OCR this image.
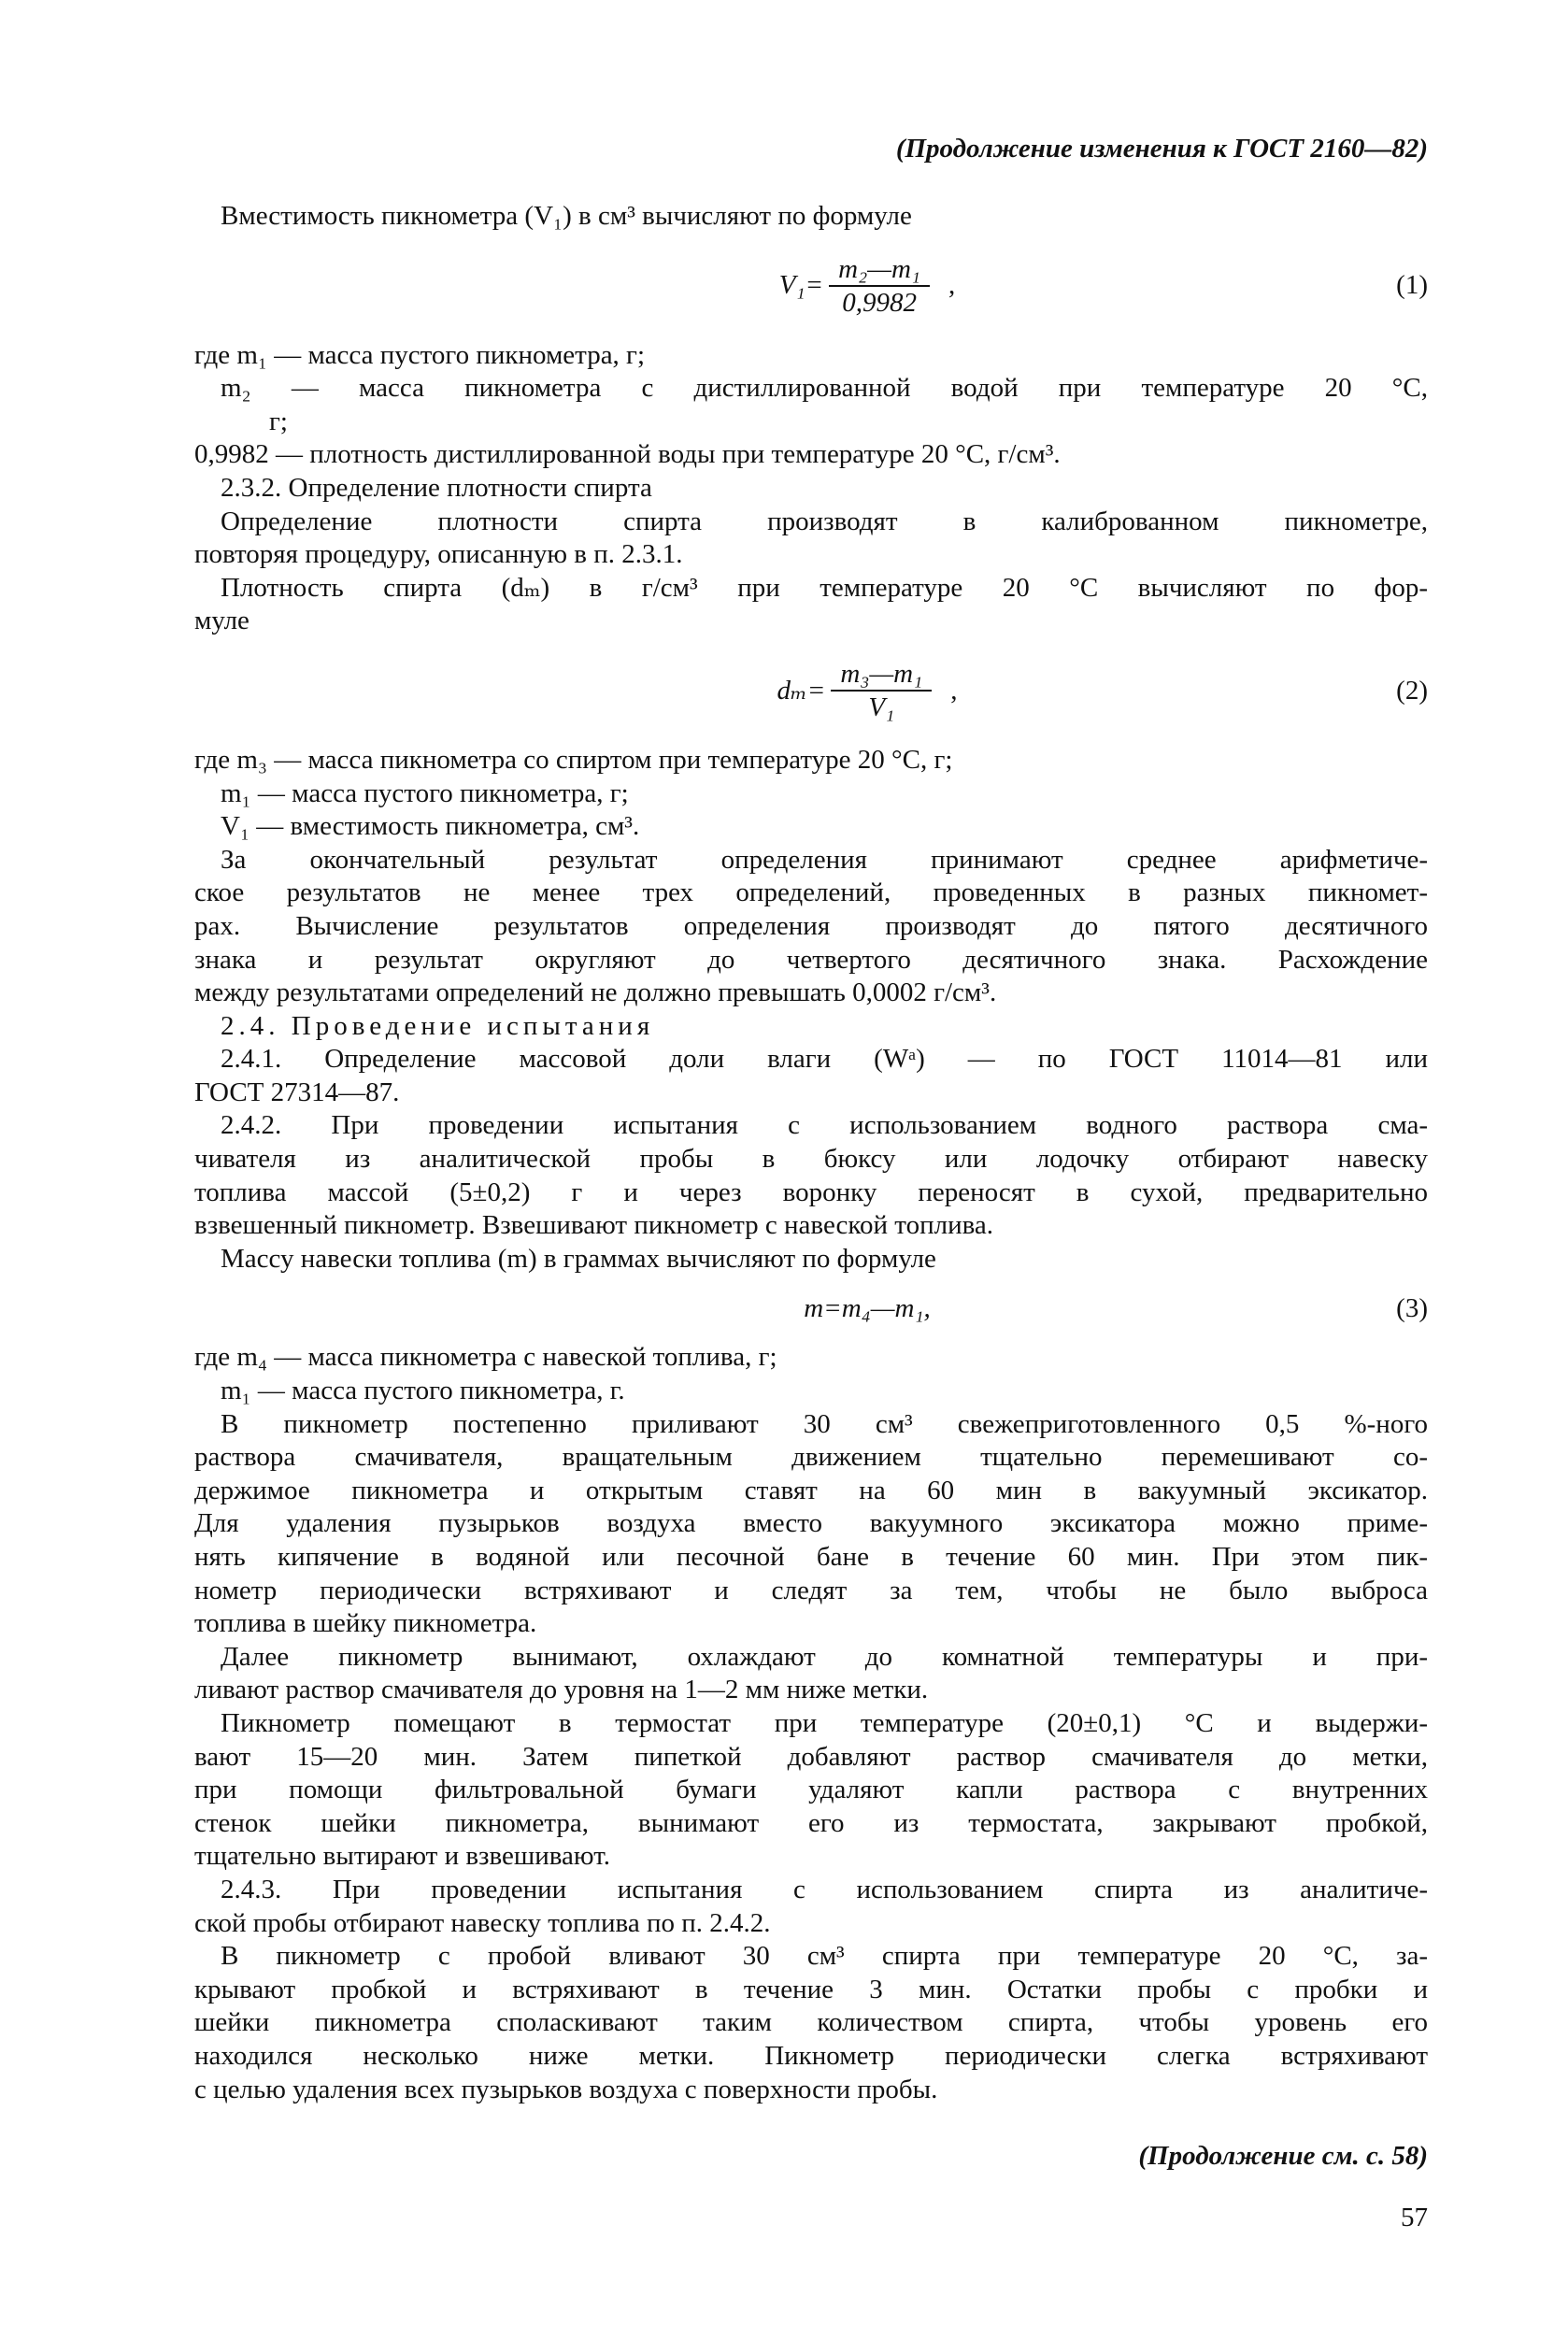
(Продолжение изменения к ГОСТ 2160—82)
Вместимость пикнометра (V₁) в см³ вычисляют по формуле
$V_1= \frac{\text{m₂—m₁}}{0,9982}$ ,	(1)
где m₁ — масса пустого пикнометра, г;
m₂ — масса пикнометра с дистиллированной водой при температуре 20 °C,
г;
0,9982 — плотность дистиллированной воды при температуре 20 °C, г/см³.
2.3.2. Определение плотности спирта
Определение плотности спирта производят в калиброванном пикнометре,
повторяя процедуру, описанную в п. 2.3.1.
Плотность спирта (dₘ) в г/см³ при температуре 20 °C вычисляют по фор-
муле
$d_m= \frac{\text{m₃—m₁}}{\text{V₁}}$ ,	(2)
где m₃ — масса пикнометра со спиртом при температуре 20 °C, г;
m₁ — масса пустого пикнометра, г;
V₁ — вместимость пикнометра, см³.
За окончательный результат определения принимают среднее арифметиче-
ское результатов не менее трех определений, проведенных в разных пикномет-
рах. Вычисление результатов определения производят до пятого десятичного
знака и результат округляют до четвертого десятичного знака. Расхождение
между результатами определений не должно превышать 0,0002 г/см³.
2.4. Проведение испытания
2.4.1. Определение массовой доли влаги (Wᵃ) — по ГОСТ 11014—81 или
ГОСТ 27314—87.
2.4.2. При проведении испытания с использованием водного раствора сма-
чивателя из аналитической пробы в бюксу или лодочку отбирают навеску
топлива массой (5±0,2) г и через воронку переносят в сухой, предварительно
взвешенный пикнометр. Взвешивают пикнометр с навеской топлива.
Массу навески топлива (m) в граммах вычисляют по формуле
m=m₄—m₁,	(3)
где m₄ — масса пикнометра с навеской топлива, г;
m₁ — масса пустого пикнометра, г.
В пикнометр постепенно приливают 30 см³ свежеприготовленного 0,5 %-ного
раствора смачивателя, вращательным движением тщательно перемешивают со-
держимое пикнометра и открытым ставят на 60 мин в вакуумный эксикатор.
Для удаления пузырьков воздуха вместо вакуумного эксикатора можно приме-
нять кипячение в водяной или песочной бане в течение 60 мин. При этом пик-
нометр периодически встряхивают и следят за тем, чтобы не было выброса
топлива в шейку пикнометра.
Далее пикнометр вынимают, охлаждают до комнатной температуры и при-
ливают раствор смачивателя до уровня на 1—2 мм ниже метки.
Пикнометр помещают в термостат при температуре (20±0,1) °C и выдержи-
вают 15—20 мин. Затем пипеткой добавляют раствор смачивателя до метки,
при помощи фильтровальной бумаги удаляют капли раствора с внутренних
стенок шейки пикнометра, вынимают его из термостата, закрывают пробкой,
тщательно вытирают и взвешивают.
2.4.3. При проведении испытания с использованием спирта из аналитиче-
ской пробы отбирают навеску топлива по п. 2.4.2.
В пикнометр с пробой вливают 30 см³ спирта при температуре 20 °C, за-
крывают пробкой и встряхивают в течение 3 мин. Остатки пробы с пробки и
шейки пикнометра споласкивают таким количеством спирта, чтобы уровень его
находился несколько ниже метки. Пикнометр периодически слегка встряхивают
с целью удаления всех пузырьков воздуха с поверхности пробы.
(Продолжение см. с. 58)
57
